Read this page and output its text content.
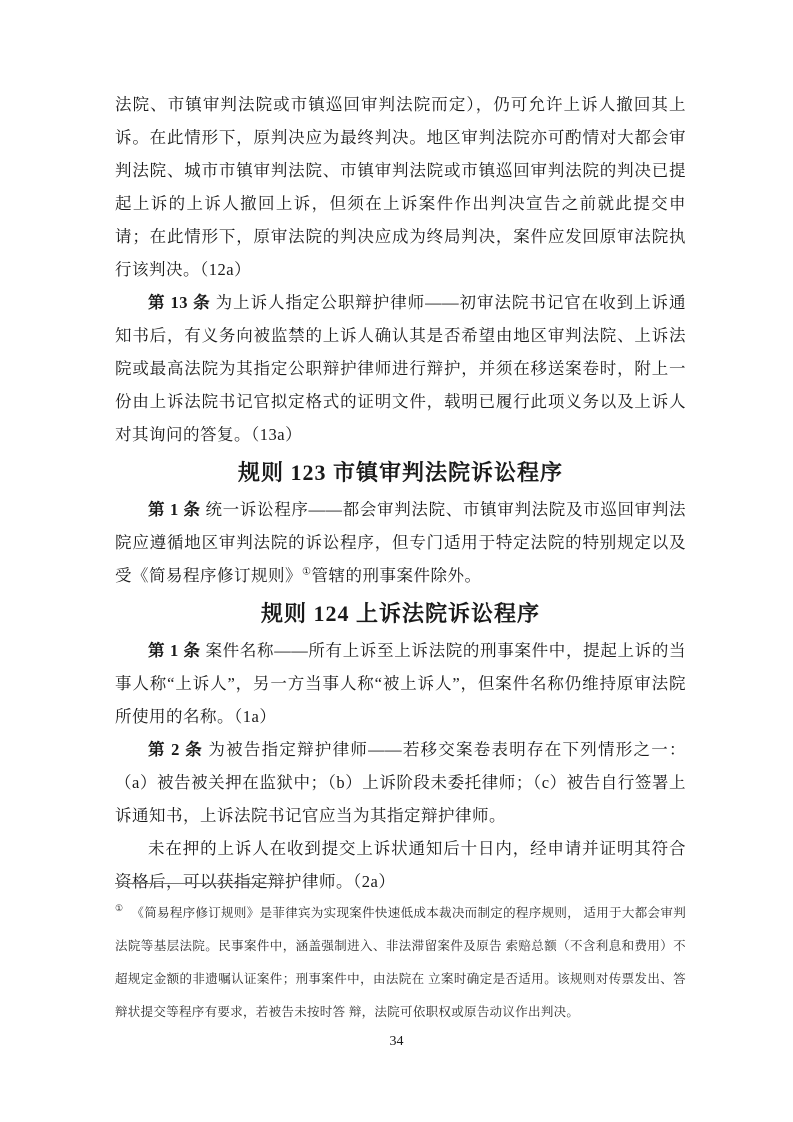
法院、市镇审判法院或市镇巡回审判法院而定），仍可允许上诉人撤回其上诉。在此情形下，原判决应为最终判决。地区审判法院亦可酌情对大都会审判法院、城市市镇审判法院、市镇审判法院或市镇巡回审判法院的判决已提起上诉的上诉人撤回上诉，但须在上诉案件作出判决宣告之前就此提交申请；在此情形下，原审法院的判决应成为终局判决，案件应发回原审法院执行该判决。（12a）

第 13 条 为上诉人指定公职辩护律师——初审法院书记官在收到上诉通知书后，有义务向被监禁的上诉人确认其是否希望由地区审判法院、上诉法院或最高法院为其指定公职辩护律师进行辩护，并须在移送案卷时，附上一份由上诉法院书记官拟定格式的证明文件，载明已履行此项义务以及上诉人对其询问的答复。（13a）

规则 123 市镇审判法院诉讼程序

第 1 条 统一诉讼程序——都会审判法院、市镇审判法院及市巡回审判法院应遵循地区审判法院的诉讼程序，但专门适用于特定法院的特别规定以及受《简易程序修订规则》①管辖的刑事案件除外。

规则 124 上诉法院诉讼程序

第 1 条 案件名称——所有上诉至上诉法院的刑事案件中，提起上诉的当事人称“上诉人”，另一方当事人称“被上诉人”，但案件名称仍维持原审法院所使用的名称。（1a）

第 2 条 为被告指定辩护律师——若移交案卷表明存在下列情形之一：（a）被告被关押在监狱中；（b）上诉阶段未委托律师；（c）被告自行签署上诉通知书，上诉法院书记官应当为其指定辩护律师。

未在押的上诉人在收到提交上诉状通知后十日内，经申请并证明其符合资格后，可以获指定辩护律师。（2a）

① 《简易程序修订规则》是菲律宾为实现案件快速低成本裁决而制定的程序规则， 适用于大都会审判法院等基层法院。民事案件中，涵盖强制进入、非法滞留案件及原告 索赔总额（不含利息和费用）不超规定金额的非遗嘱认证案件；刑事案件中，由法院在 立案时确定是否适用。该规则对传票发出、答辩状提交等程序有要求，若被告未按时答 辩，法院可依职权或原告动议作出判决。

34
